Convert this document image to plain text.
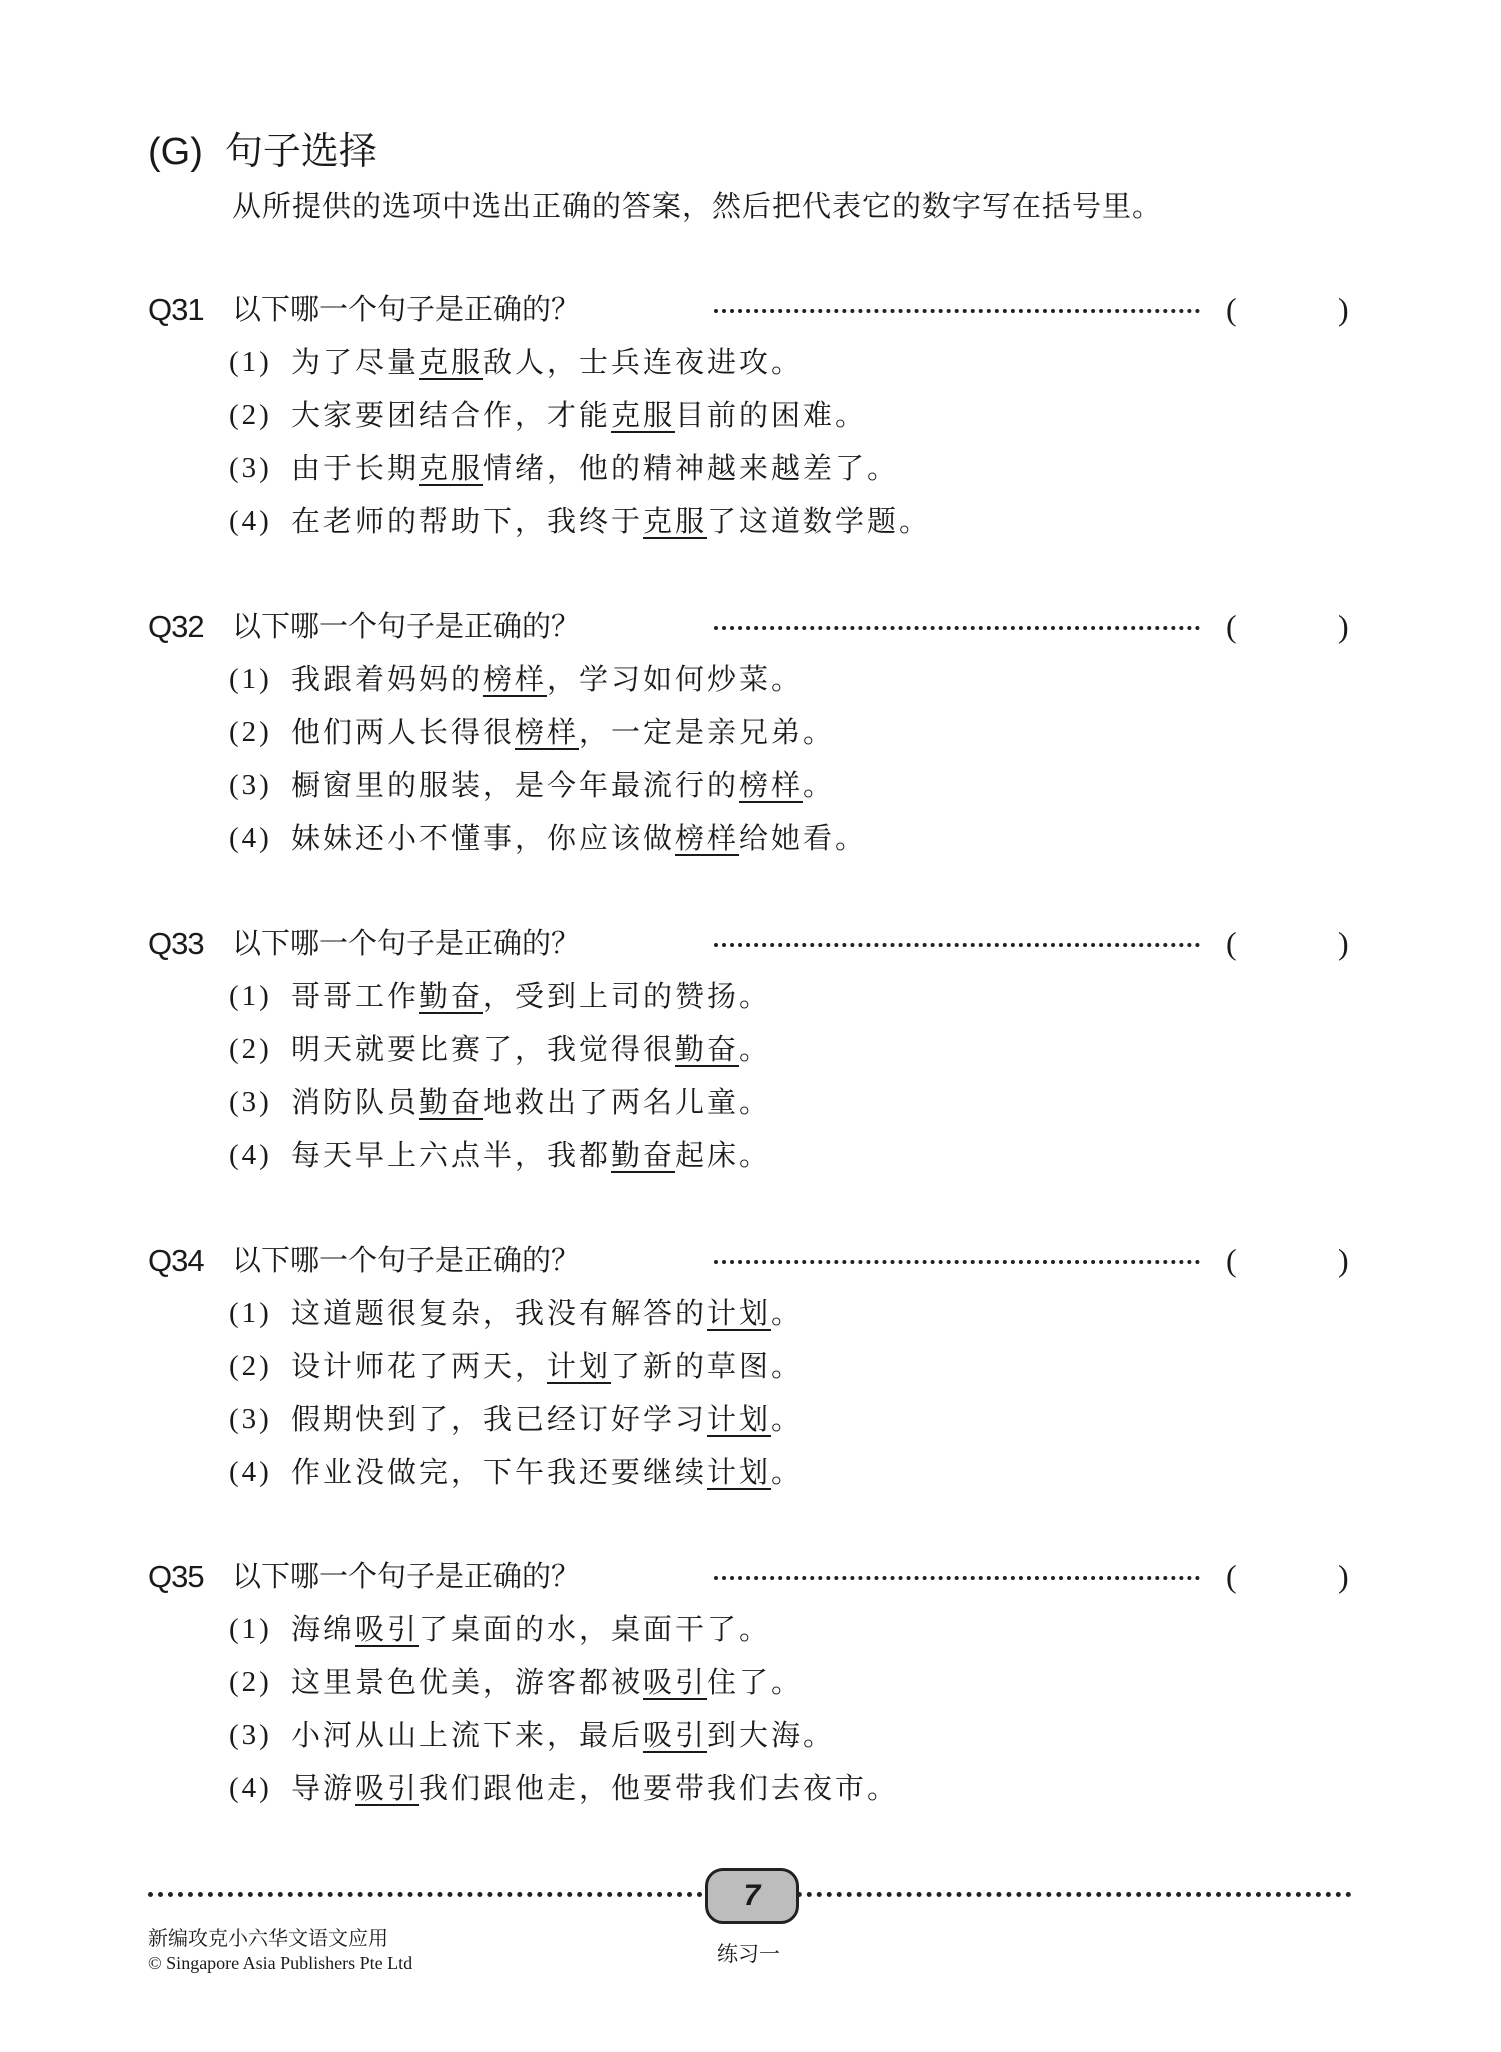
(G) 句子选择
从所提供的选项中选出正确的答案，然后把代表它的数字写在括号里。
Q31 以下哪一个句子是正确的？	(	)
(1) 为了尽量克服敌人，士兵连夜进攻。
(2) 大家要团结合作，才能克服目前的困难。
(3) 由于长期克服情绪，他的精神越来越差了。
(4) 在老师的帮助下，我终于克服了这道数学题。
Q32 以下哪一个句子是正确的？	(	)
(1) 我跟着妈妈的榜样，学习如何炒菜。
(2) 他们两人长得很榜样，一定是亲兄弟。
(3) 橱窗里的服装，是今年最流行的榜样。
(4) 妹妹还小不懂事，你应该做榜样给她看。
Q33 以下哪一个句子是正确的？	(	)
(1) 哥哥工作勤奋，受到上司的赞扬。
(2) 明天就要比赛了，我觉得很勤奋。
(3) 消防队员勤奋地救出了两名儿童。
(4) 每天早上六点半，我都勤奋起床。
Q34 以下哪一个句子是正确的？	(	)
(1) 这道题很复杂，我没有解答的计划。
(2) 设计师花了两天，计划了新的草图。
(3) 假期快到了，我已经订好学习计划。
(4) 作业没做完，下午我还要继续计划。
Q35 以下哪一个句子是正确的？	(	)
(1) 海绵吸引了桌面的水，桌面干了。
(2) 这里景色优美，游客都被吸引住了。
(3) 小河从山上流下来，最后吸引到大海。
(4) 导游吸引我们跟他走，他要带我们去夜市。
7
新编攻克小六华文语文应用
© Singapore Asia Publishers Pte Ltd	练习一
